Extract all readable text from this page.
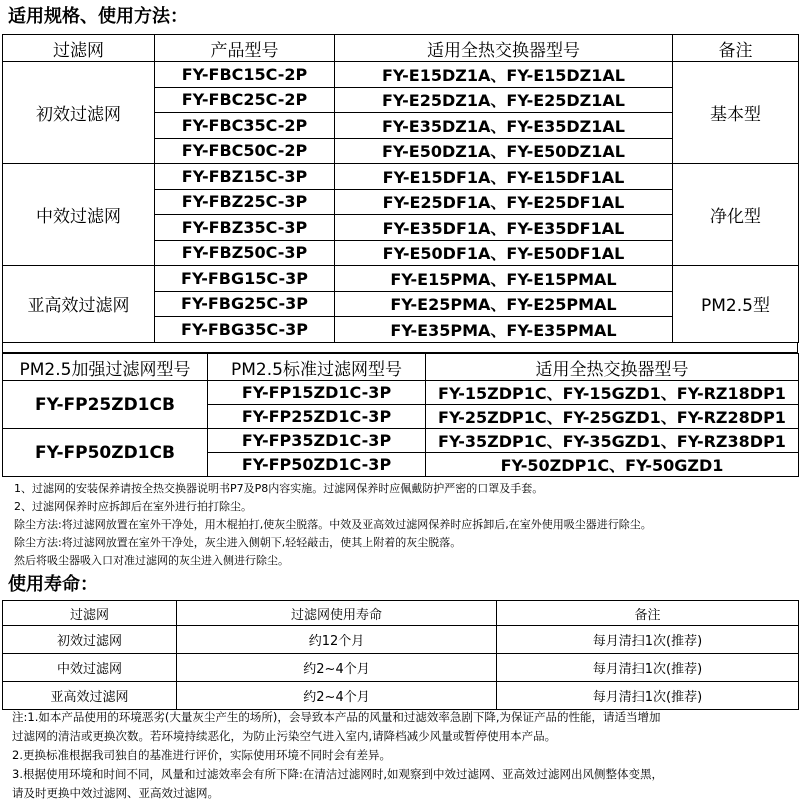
适用规格、使用方法：
过滤网	产品型号	适用全热交换器型号	备注
初效过滤网	FY-FBC15C-2P	FY-E15DZ1A、FY-E15DZ1AL	基本型
	FY-FBC25C-2P	FY-E25DZ1A、FY-E25DZ1AL	
	FY-FBC35C-2P	FY-E35DZ1A、FY-E35DZ1AL	
	FY-FBC50C-2P	FY-E50DZ1A、FY-E50DZ1AL	
中效过滤网	FY-FBZ15C-3P	FY-E15DF1A、FY-E15DF1AL	净化型
	FY-FBZ25C-3P	FY-E25DF1A、FY-E25DF1AL	
	FY-FBZ35C-3P	FY-E35DF1A、FY-E35DF1AL	
	FY-FBZ50C-3P	FY-E50DF1A、FY-E50DF1AL	
亚高效过滤网	FY-FBG15C-3P	FY-E15PMA、FY-E15PMAL	PM2.5型
	FY-FBG25C-3P	FY-E25PMA、FY-E25PMAL	
	FY-FBG35C-3P	FY-E35PMA、FY-E35PMAL	
PM2.5加强过滤网型号	PM2.5标准过滤网型号	适用全热交换器型号
FY-FP25ZD1CB	FY-FP15ZD1C-3P	FY-15ZDP1C、FY-15GZD1、FY-RZ18DP1
	FY-FP25ZD1C-3P	FY-25ZDP1C、FY-25GZD1、FY-RZ28DP1
FY-FP50ZD1CB	FY-FP35ZD1C-3P	FY-35ZDP1C、FY-35GZD1、FY-RZ38DP1
	FY-FP50ZD1C-3P	FY-50ZDP1C、FY-50GZD1
1、过滤网的安装保养请按全热交换器说明书P7及P8内容实施。过滤网保养时应佩戴防护严密的口罩及手套。
2、过滤网保养时应拆卸后在室外进行拍打除尘。
除尘方法:将过滤网放置在室外干净处，用木棍拍打,使灰尘脱落。中效及亚高效过滤网保养时应拆卸后,在室外使用吸尘器进行除尘。
除尘方法:将过滤网放置在室外干净处，灰尘进入侧朝下,轻轻敲击，使其上附着的灰尘脱落。
然后将吸尘器吸入口对准过滤网的灰尘进入侧进行除尘。
使用寿命：
过滤网	过滤网使用寿命	备注
初效过滤网	约12个月	每月清扫1次(推荐)
中效过滤网	约2~4个月	每月清扫1次(推荐)
亚高效过滤网	约2~4个月	每月清扫1次(推荐)
注:1.如本产品使用的环境恶劣(大量灰尘产生的场所)，会导致本产品的风量和过滤效率急剧下降,为保证产品的性能，请适当增加
过滤网的清洁或更换次数。若环境持续恶化，为防止污染空气进入室内,请降档减少风量或暂停使用本产品。
2.更换标准根据我司独自的基准进行评价，实际使用环境不同时会有差异。
3.根据使用环境和时间不同，风量和过滤效率会有所下降:在清洁过滤网时,如观察到中效过滤网、亚高效过滤网出风侧整体变黑，
请及时更换中效过滤网、亚高效过滤网。
